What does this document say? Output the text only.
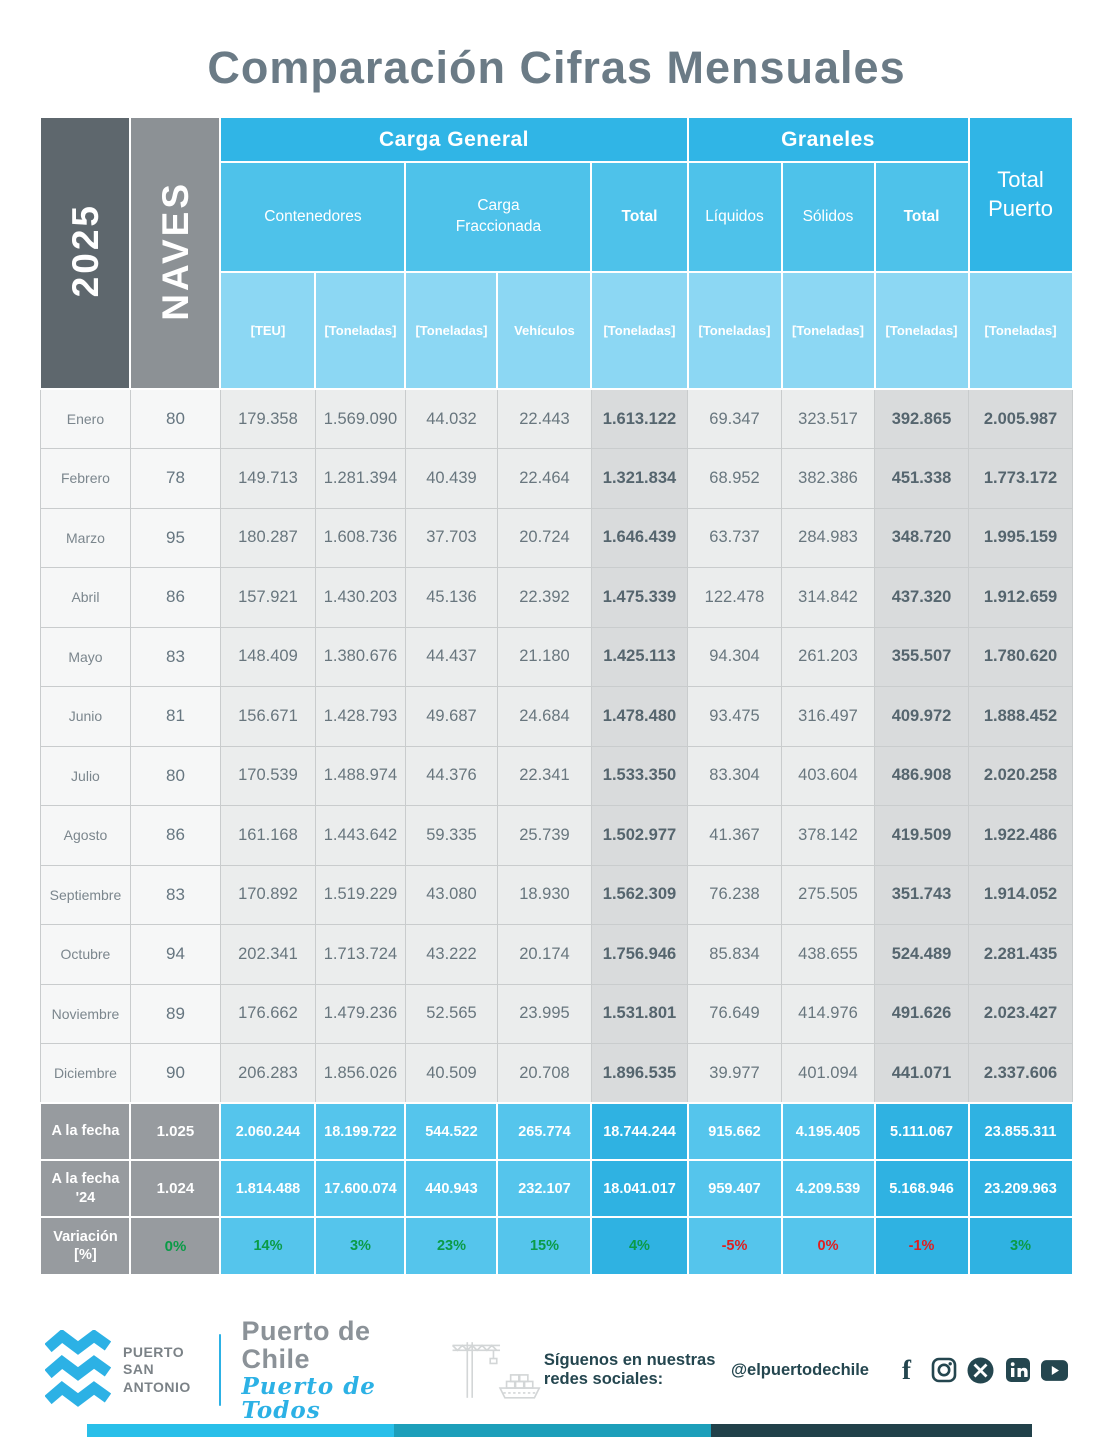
Comparación Cifras Mensuales
2025	NAVES	Carga General					Graneles			Total Puerto
		Contenedores		Carga Fraccionada		Total	Líquidos	Sólidos	Total	
		[TEU]	[Toneladas]	[Toneladas]	Vehículos	[Toneladas]	[Toneladas]	[Toneladas]	[Toneladas]	[Toneladas]
Enero	80	179.358	1.569.090	44.032	22.443	1.613.122	69.347	323.517	392.865	2.005.987
Febrero	78	149.713	1.281.394	40.439	22.464	1.321.834	68.952	382.386	451.338	1.773.172
Marzo	95	180.287	1.608.736	37.703	20.724	1.646.439	63.737	284.983	348.720	1.995.159
Abril	86	157.921	1.430.203	45.136	22.392	1.475.339	122.478	314.842	437.320	1.912.659
Mayo	83	148.409	1.380.676	44.437	21.180	1.425.113	94.304	261.203	355.507	1.780.620
Junio	81	156.671	1.428.793	49.687	24.684	1.478.480	93.475	316.497	409.972	1.888.452
Julio	80	170.539	1.488.974	44.376	22.341	1.533.350	83.304	403.604	486.908	2.020.258
Agosto	86	161.168	1.443.642	59.335	25.739	1.502.977	41.367	378.142	419.509	1.922.486
Septiembre	83	170.892	1.519.229	43.080	18.930	1.562.309	76.238	275.505	351.743	1.914.052
Octubre	94	202.341	1.713.724	43.222	20.174	1.756.946	85.834	438.655	524.489	2.281.435
Noviembre	89	176.662	1.479.236	52.565	23.995	1.531.801	76.649	414.976	491.626	2.023.427
Diciembre	90	206.283	1.856.026	40.509	20.708	1.896.535	39.977	401.094	441.071	2.337.606
A la fecha	1.025	2.060.244	18.199.722	544.522	265.774	18.744.244	915.662	4.195.405	5.111.067	23.855.311
A la fecha '24	1.024	1.814.488	17.600.074	440.943	232.107	18.041.017	959.407	4.209.539	5.168.946	23.209.963
Variación [%]	0%	14%	3%	23%	15%	4%	-5%	0%	-1%	3%
PUERTO SAN ANTONIO
Puerto de Chile
Puerto de Todos
Síguenos en nuestras redes sociales:
@elpuertodechile f
